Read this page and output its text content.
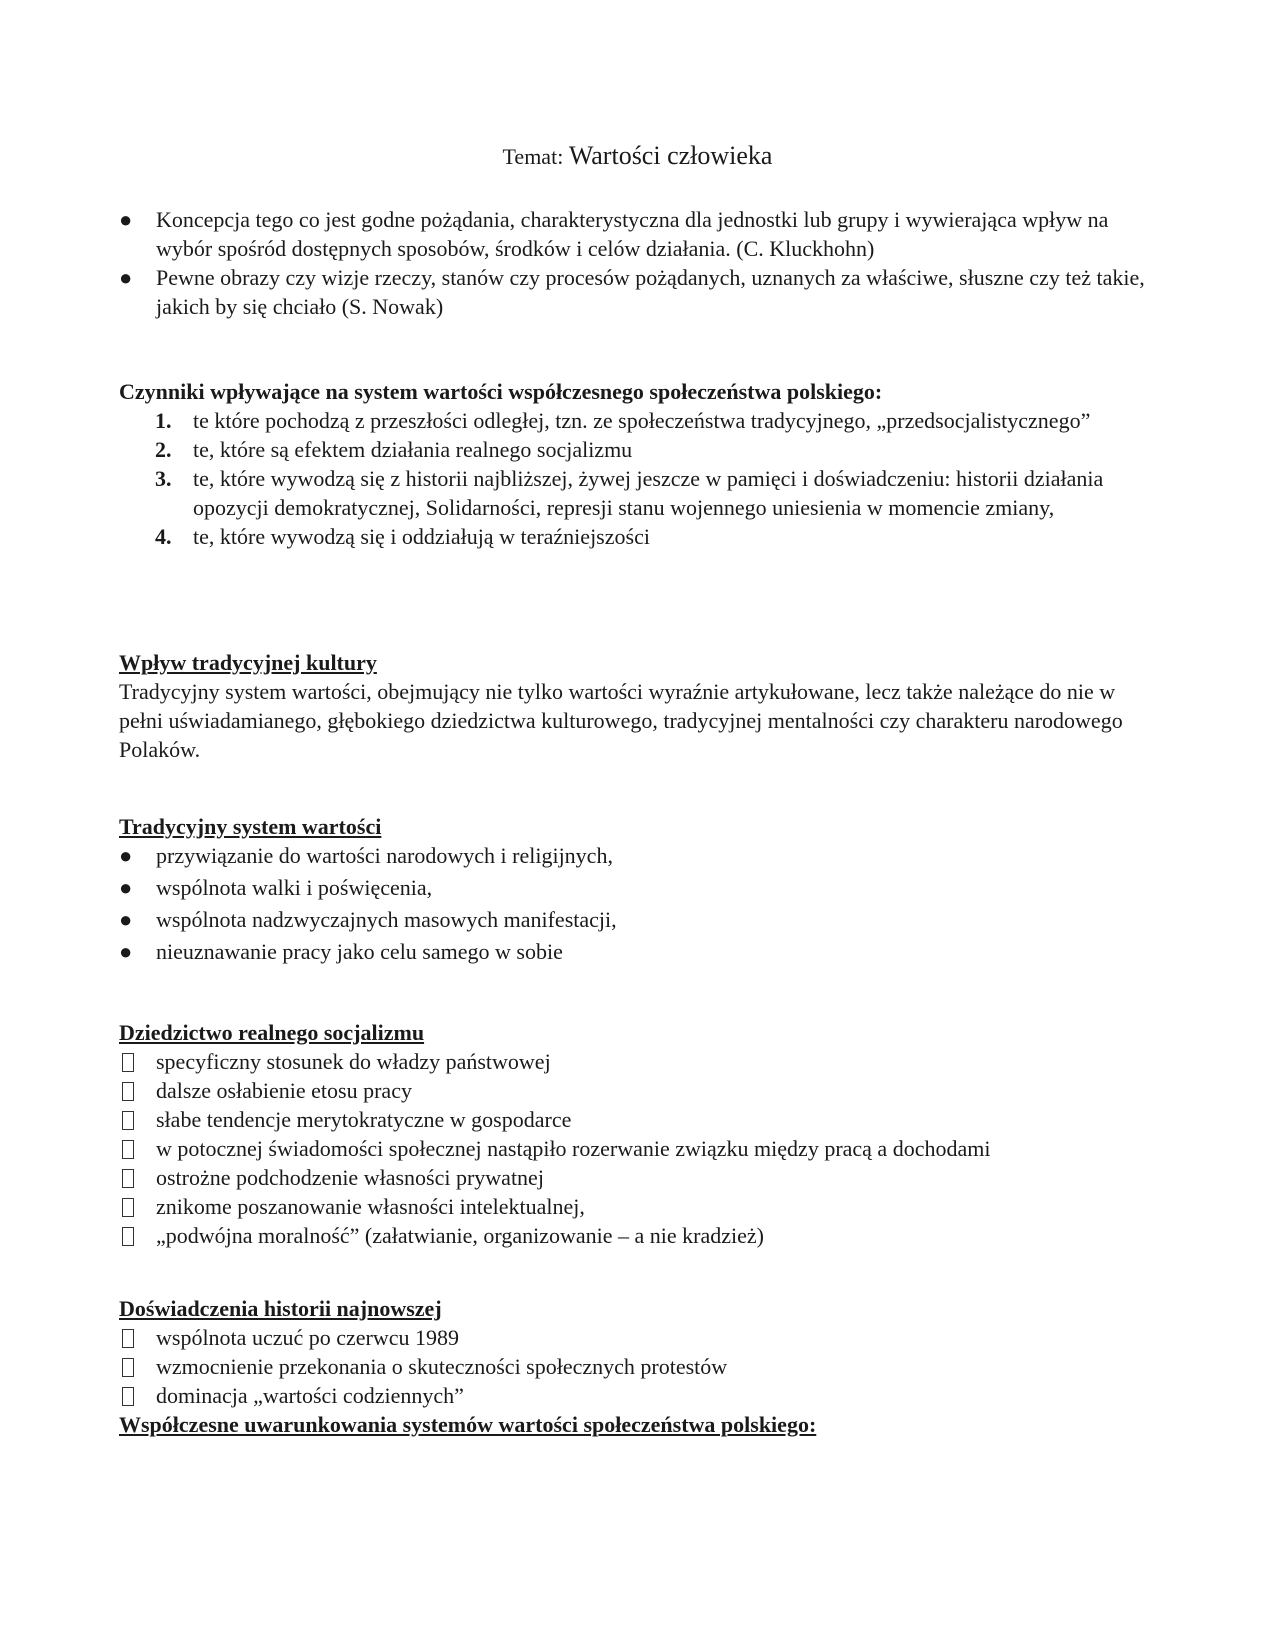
Temat: Wartości człowieka
● Koncepcja tego co jest godne pożądania, charakterystyczna dla jednostki lub grupy i wywierająca wpływ na wybór spośród dostępnych sposobów, środków i celów działania. (C. Kluckhohn)
● Pewne obrazy czy wizje rzeczy, stanów czy procesów pożądanych, uznanych za właściwe, słuszne czy też takie, jakich by się chciało (S. Nowak)

Czynniki wpływające na system wartości współczesnego społeczeństwa polskiego:

1. te które pochodzą z przeszłości odległej, tzn. ze społeczeństwa tradycyjnego, „przedsocjalistycznego”
2. te, które są efektem działania realnego socjalizmu
3. te, które wywodzą się z historii najbliższej, żywej jeszcze w pamięci i doświadczeniu: historii działania opozycji demokratycznej, Solidarności, represji stanu wojennego uniesienia w momencie zmiany,
4. te, które wywodzą się i oddziałują w teraźniejszości

Wpływ tradycyjnej kultury

Tradycyjny system wartości, obejmujący nie tylko wartości wyraźnie artykułowane, lecz także należące do nie w pełni uświadamianego, głębokiego dziedzictwa kulturowego, tradycyjnej mentalności czy charakteru narodowego Polaków.

Tradycyjny system wartości

● przywiązanie do wartości narodowych i religijnych,
● wspólnota walki i poświęcenia,
● wspólnota nadzwyczajnych masowych manifestacji,
● nieuznawanie pracy jako celu samego w sobie

Dziedzictwo realnego socjalizmu

specyficzny stosunek do władzy państwowej
dalsze osłabienie etosu pracy
słabe tendencje merytokratyczne w gospodarce
w potocznej świadomości społecznej nastąpiło rozerwanie związku między pracą a dochodami
ostrożne podchodzenie własności prywatnej
znikome poszanowanie własności intelektualnej,
„podwójna moralność” (załatwianie, organizowanie – a nie kradzież)

Doświadczenia historii najnowszej

wspólnota uczuć po czerwcu 1989
wzmocnienie przekonania o skuteczności społecznych protestów
dominacja „wartości codziennych”

Współczesne uwarunkowania systemów wartości społeczeństwa polskiego:
